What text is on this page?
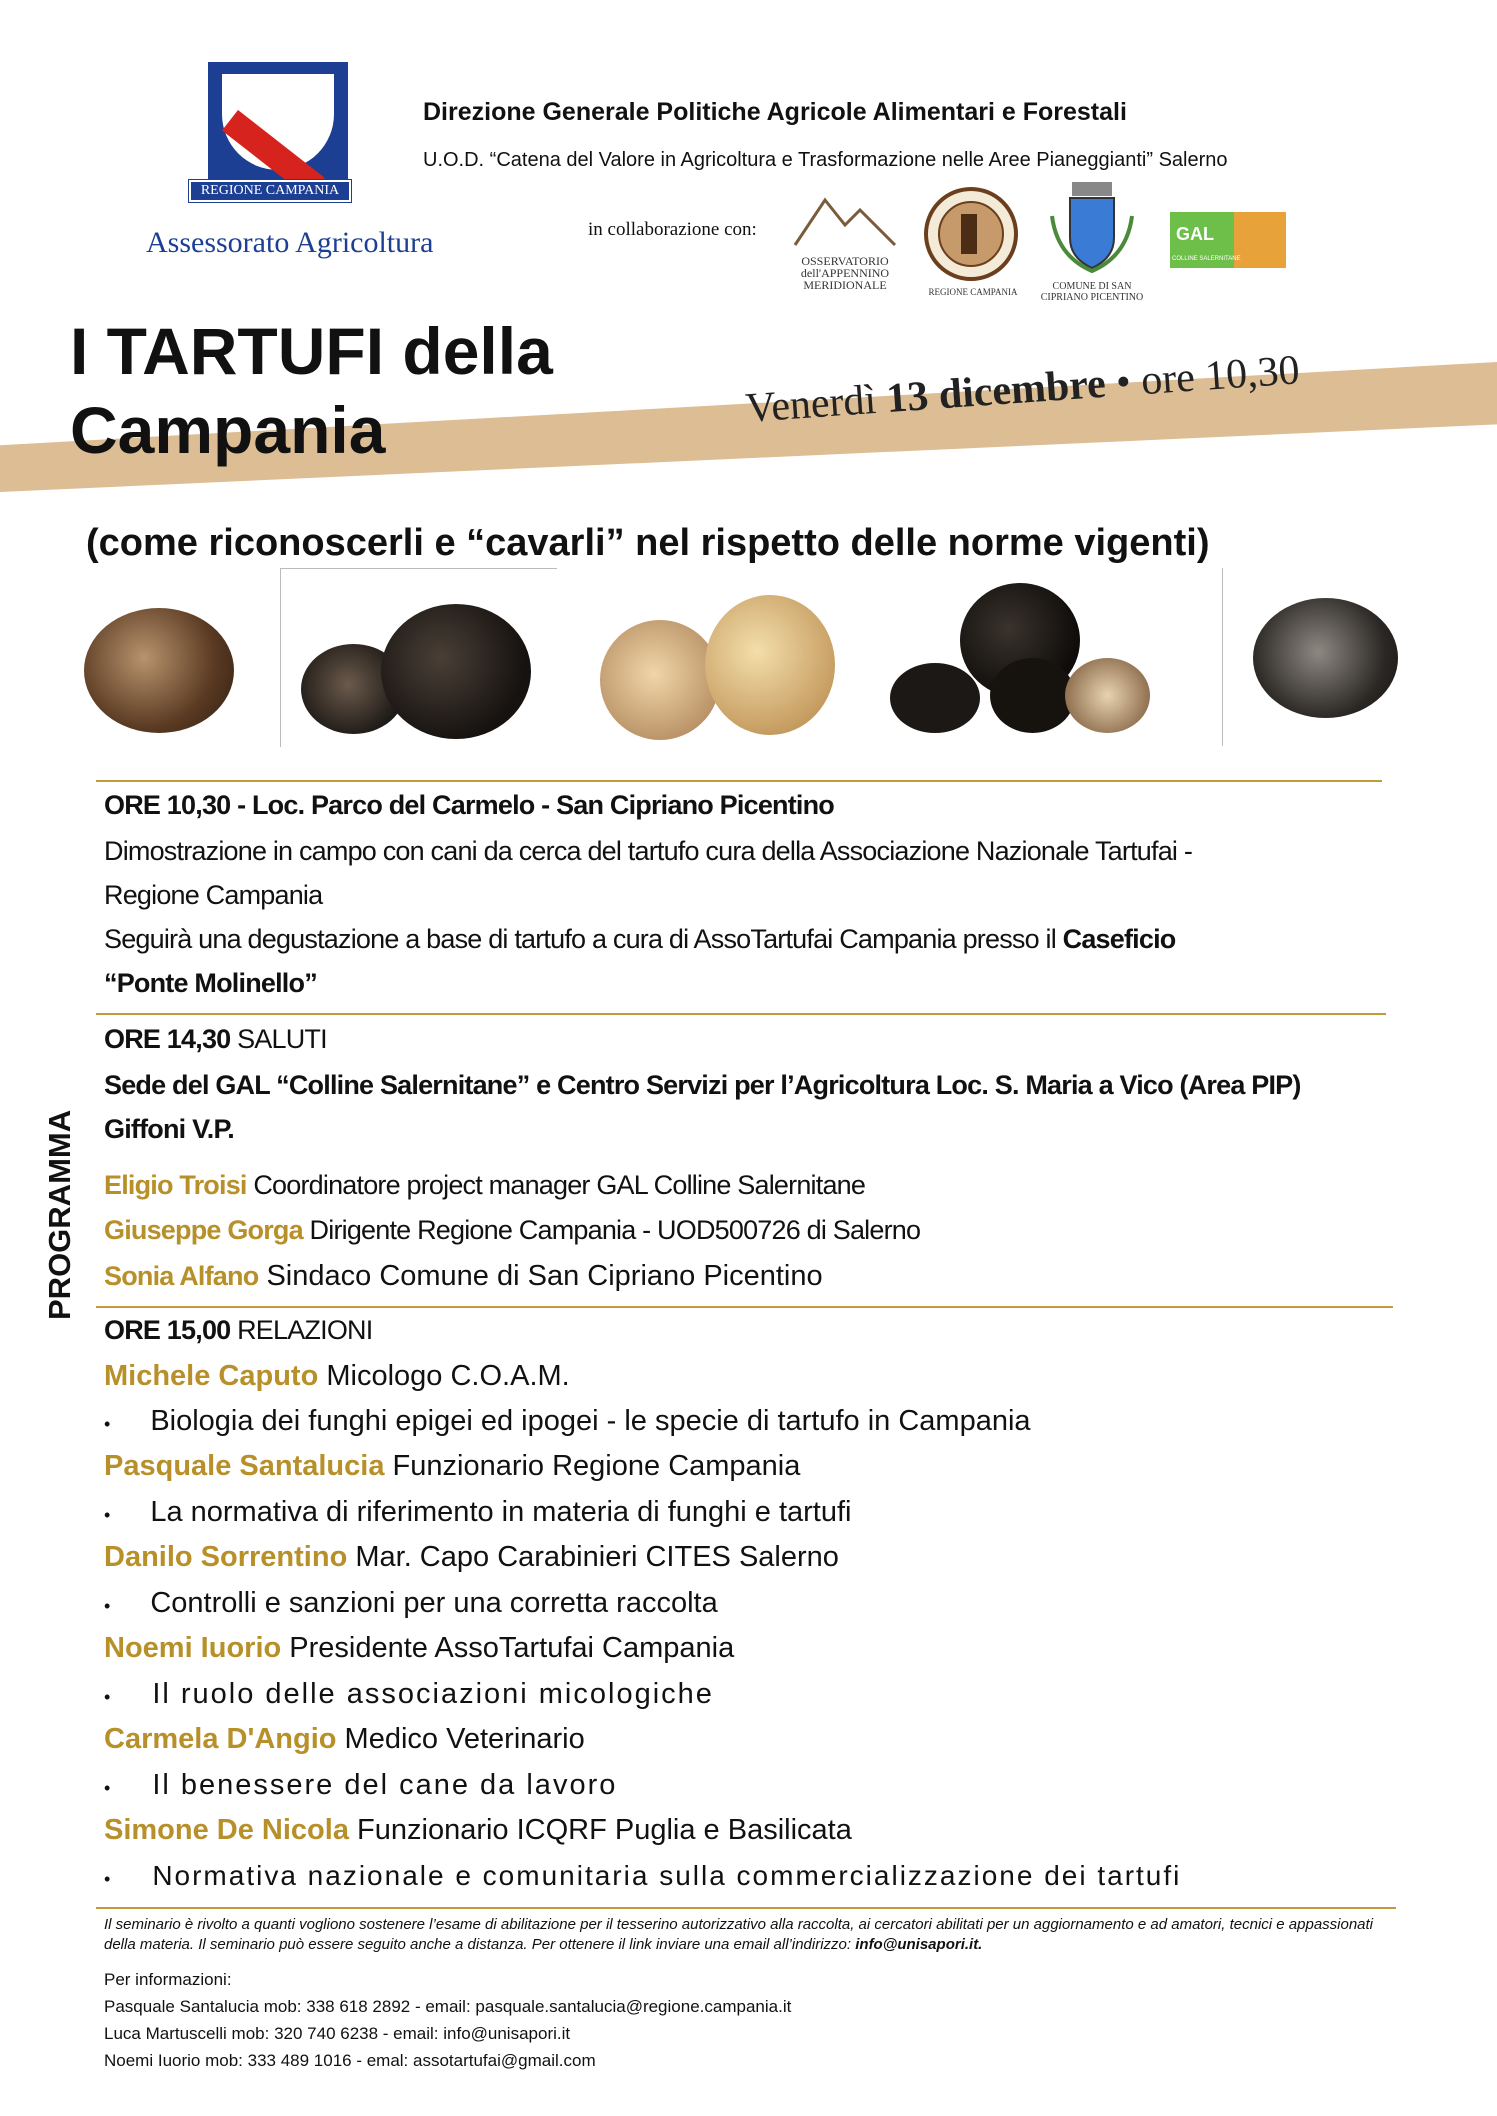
REGIONE CAMPANIA
Assessorato Agricoltura
Direzione Generale Politiche Agricole Alimentari e Forestali
U.O.D. “Catena del Valore in Agricoltura e Trasformazione nelle Aree Pianeggianti” Salerno
in collaborazione con:
OSSERVATORIO dell'APPENNINO MERIDIONALE	REGIONE CAMPANIA	COMUNE DI SAN CIPRIANO PICENTINO
GAL
COLLINE SALERNITANE
I TARTUFI della
Campania	Venerdì 13 dicembre • ore 10,30
(come riconoscerli e “cavarli” nel rispetto delle norme vigenti)
PROGRAMMA
ORE 10,30 - Loc. Parco del Carmelo - San Cipriano Picentino
Dimostrazione in campo con cani da cerca del tartufo cura della Associazione Nazionale Tartufai -
Regione Campania
Seguirà una degustazione a base di tartufo a cura di AssoTartufai Campania presso il Caseficio
“Ponte Molinello”
ORE 14,30 SALUTI
Sede del GAL “Colline Salernitane” e Centro Servizi per l’Agricoltura Loc. S. Maria a Vico (Area PIP)
Giffoni V.P.
Eligio Troisi Coordinatore project manager GAL Colline Salernitane
Giuseppe Gorga Dirigente Regione Campania - UOD500726 di Salerno
Sonia Alfano Sindaco Comune di San Cipriano Picentino
ORE 15,00 RELAZIONI
Michele Caputo Micologo C.O.A.M.
• Biologia dei funghi epigei ed ipogei - le specie di tartufo in Campania
Pasquale Santalucia Funzionario Regione Campania
• La normativa di riferimento in materia di funghi e tartufi
Danilo Sorrentino Mar. Capo Carabinieri CITES Salerno
• Controlli e sanzioni per una corretta raccolta
Noemi Iuorio Presidente AssoTartufai Campania
• Il ruolo delle associazioni micologiche
Carmela D'Angio Medico Veterinario
• Il benessere del cane da lavoro
Simone De Nicola Funzionario ICQRF Puglia e Basilicata
• Normativa nazionale e comunitaria sulla commercializzazione dei tartufi
Il seminario è rivolto a quanti vogliono sostenere l’esame di abilitazione per il tesserino autorizzativo alla raccolta, ai cercatori abilitati per un aggiornamento e ad amatori, tecnici e appassionati della materia. Il seminario può essere seguito anche a distanza. Per ottenere il link inviare una email all’indirizzo: info@unisapori.it.
Per informazioni:
Pasquale Santalucia mob: 338 618 2892 - email: pasquale.santalucia@regione.campania.it
Luca Martuscelli mob: 320 740 6238 - email: info@unisapori.it
Noemi Iuorio mob: 333 489 1016 - emal: assotartufai@gmail.com
